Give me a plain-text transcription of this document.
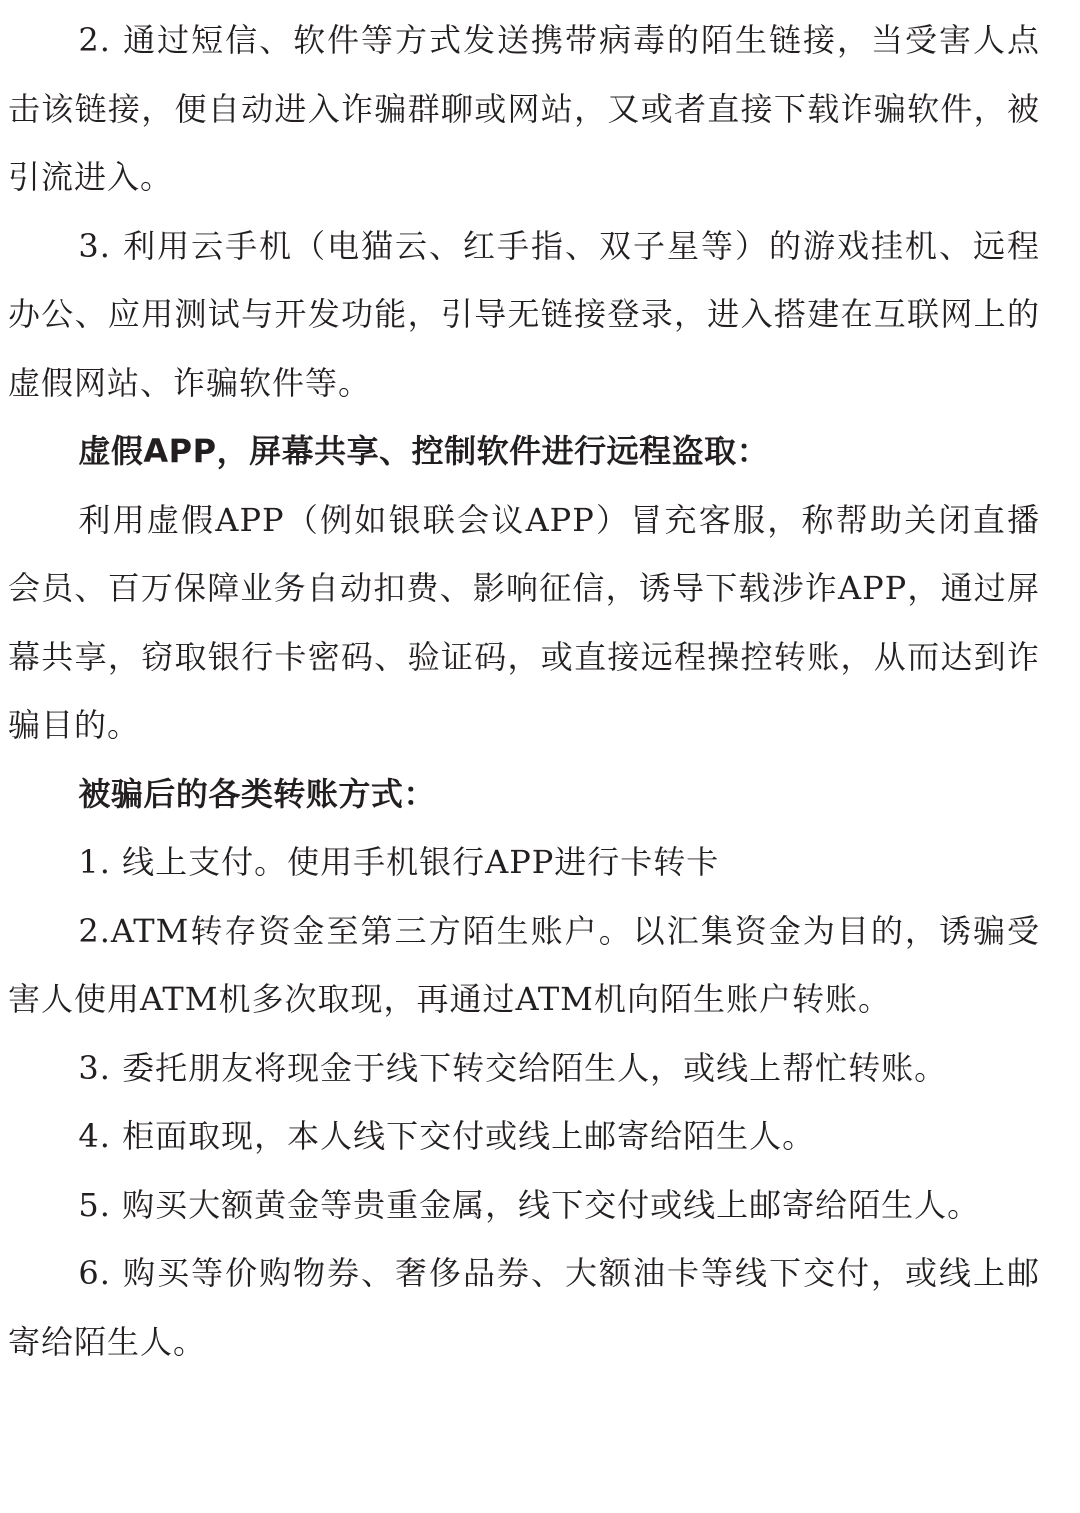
2. 通过短信、软件等方式发送携带病毒的陌生链接，当受害人点击该链接，便自动进入诈骗群聊或网站，又或者直接下载诈骗软件，被引流进入。

3. 利用云手机（电猫云、红手指、双子星等）的游戏挂机、远程办公、应用测试与开发功能，引导无链接登录，进入搭建在互联网上的虚假网站、诈骗软件等。

虚假APP，屏幕共享、控制软件进行远程盗取：

利用虚假APP（例如银联会议APP）冒充客服，称帮助关闭直播会员、百万保障业务自动扣费、影响征信，诱导下载涉诈APP，通过屏幕共享，窃取银行卡密码、验证码，或直接远程操控转账，从而达到诈骗目的。

被骗后的各类转账方式：

1. 线上支付。使用手机银行APP进行卡转卡

2.ATM转存资金至第三方陌生账户。以汇集资金为目的，诱骗受害人使用ATM机多次取现，再通过ATM机向陌生账户转账。

3. 委托朋友将现金于线下转交给陌生人，或线上帮忙转账。

4. 柜面取现，本人线下交付或线上邮寄给陌生人。

5. 购买大额黄金等贵重金属，线下交付或线上邮寄给陌生人。

6. 购买等价购物券、奢侈品券、大额油卡等线下交付，或线上邮寄给陌生人。
